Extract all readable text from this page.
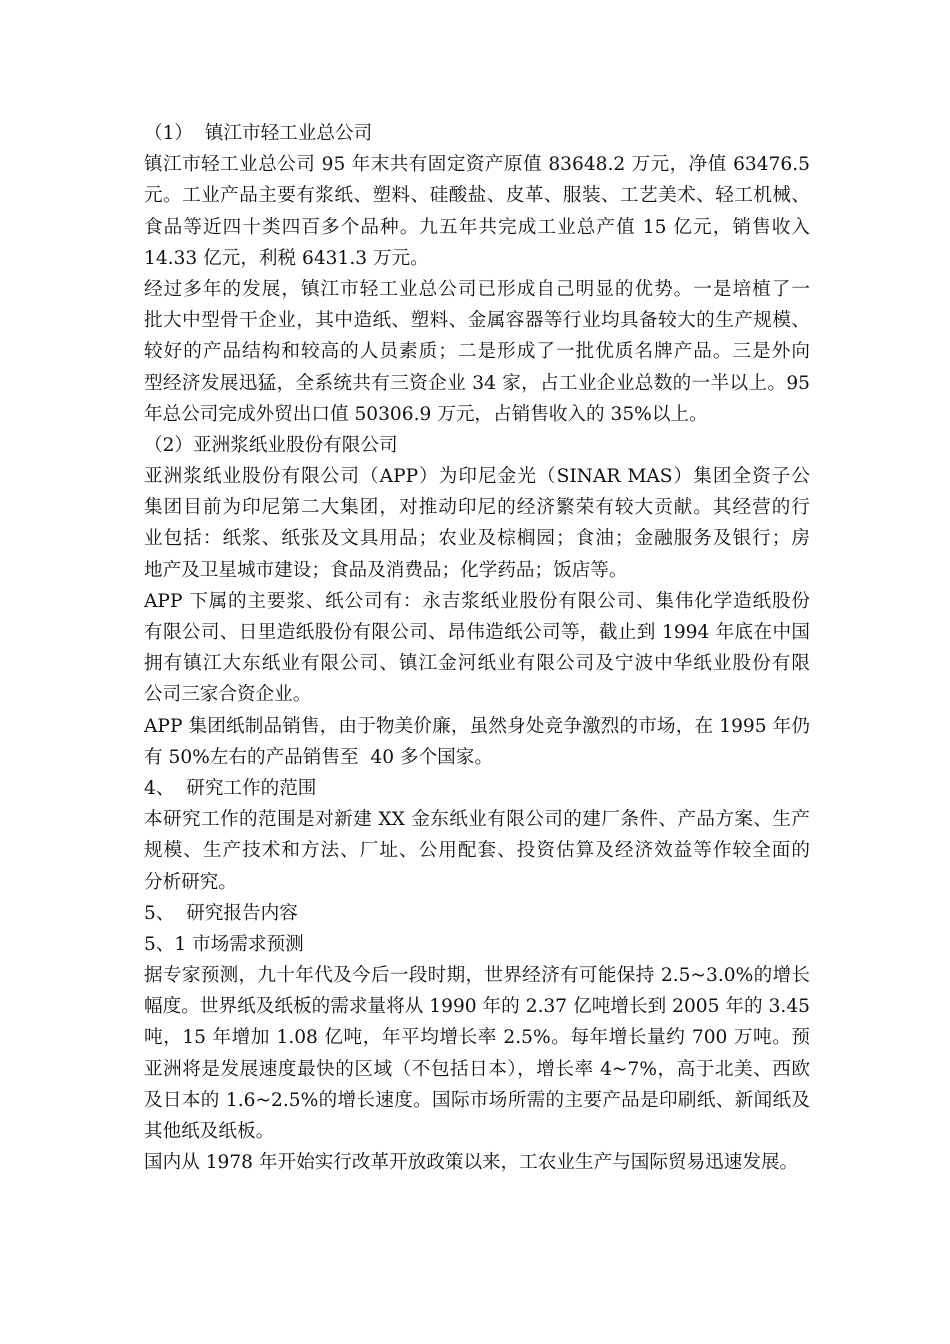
（1）  镇江市轻工业总公司
镇江市轻工业总公司 95 年末共有固定资产原值 83648.2 万元，净值 63476.5
元。工业产品主要有浆纸、塑料、硅酸盐、皮革、服装、工艺美术、轻工机械、
食品等近四十类四百多个品种。九五年共完成工业总产值 15 亿元，销售收入
14.33 亿元，利税 6431.3 万元。
经过多年的发展，镇江市轻工业总公司已形成自己明显的优势。一是培植了一
批大中型骨干企业，其中造纸、塑料、金属容器等行业均具备较大的生产规模、
较好的产品结构和较高的人员素质；二是形成了一批优质名牌产品。三是外向
型经济发展迅猛，全系统共有三资企业 34 家，占工业企业总数的一半以上。95
年总公司完成外贸出口值 50306.9 万元，占销售收入的 35%以上。
（2）亚洲浆纸业股份有限公司
亚洲浆纸业股份有限公司（APP）为印尼金光（SINAR MAS）集团全资子公
集团目前为印尼第二大集团，对推动印尼的经济繁荣有较大贡献。其经营的行
业包括：纸浆、纸张及文具用品；农业及棕榈园；食油；金融服务及银行；房
地产及卫星城市建设；食品及消费品；化学药品；饭店等。
APP 下属的主要浆、纸公司有：永吉浆纸业股份有限公司、集伟化学造纸股份
有限公司、日里造纸股份有限公司、昂伟造纸公司等，截止到 1994 年底在中国
拥有镇江大东纸业有限公司、镇江金河纸业有限公司及宁波中华纸业股份有限
公司三家合资企业。
APP 集团纸制品销售，由于物美价廉，虽然身处竞争激烈的市场，在 1995 年仍
有 50%左右的产品销售至  40 多个国家。
4、  研究工作的范围
本研究工作的范围是对新建 XX 金东纸业有限公司的建厂条件、产品方案、生产
规模、生产技术和方法、厂址、公用配套、投资估算及经济效益等作较全面的
分析研究。
5、  研究报告内容
5、1 市场需求预测
据专家预测，九十年代及今后一段时期，世界经济有可能保持 2.5~3.0%的增长
幅度。世界纸及纸板的需求量将从 1990 年的 2.37 亿吨增长到 2005 年的 3.45
吨，15 年增加 1.08 亿吨，年平均增长率 2.5%。每年增长量约 700 万吨。预
亚洲将是发展速度最快的区域（不包括日本），增长率 4~7%，高于北美、西欧
及日本的 1.6~2.5%的增长速度。国际市场所需的主要产品是印刷纸、新闻纸及
其他纸及纸板。
国内从 1978 年开始实行改革开放政策以来，工农业生产与国际贸易迅速发展。
